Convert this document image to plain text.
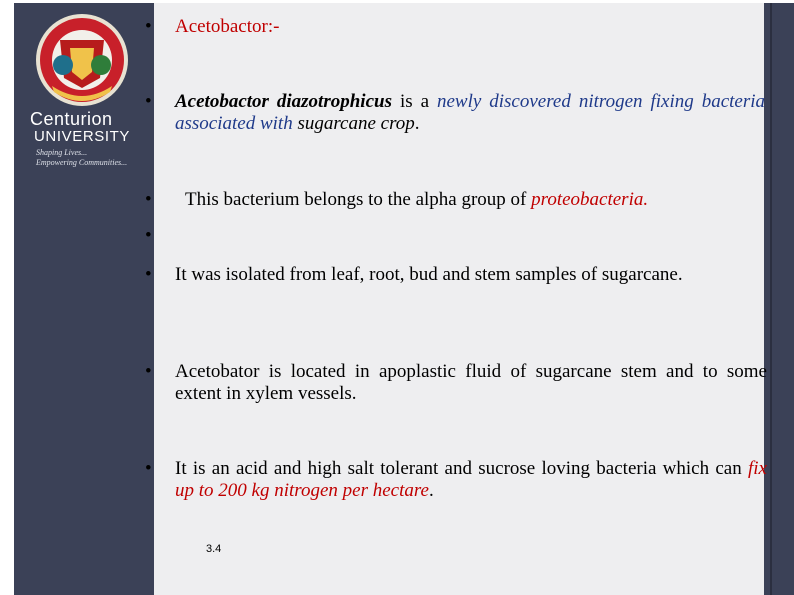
Centurion
UNIVERSITY
Shaping Lives...
Empowering Communities...
• Acetobactor:-
• Acetobactor diazotrophicus is a newly discovered nitrogen fixing bacteria associated with sugarcane crop.
• This bacterium belongs to the alpha group of proteobacteria.
•
• It was isolated from leaf, root, bud and stem samples of sugarcane.
• Acetobator is located in apoplastic fluid of sugarcane stem and to some extent in xylem vessels.
• It is an acid and high salt tolerant and sucrose loving bacteria which can fix up to 200 kg nitrogen per hectare.
3.4
